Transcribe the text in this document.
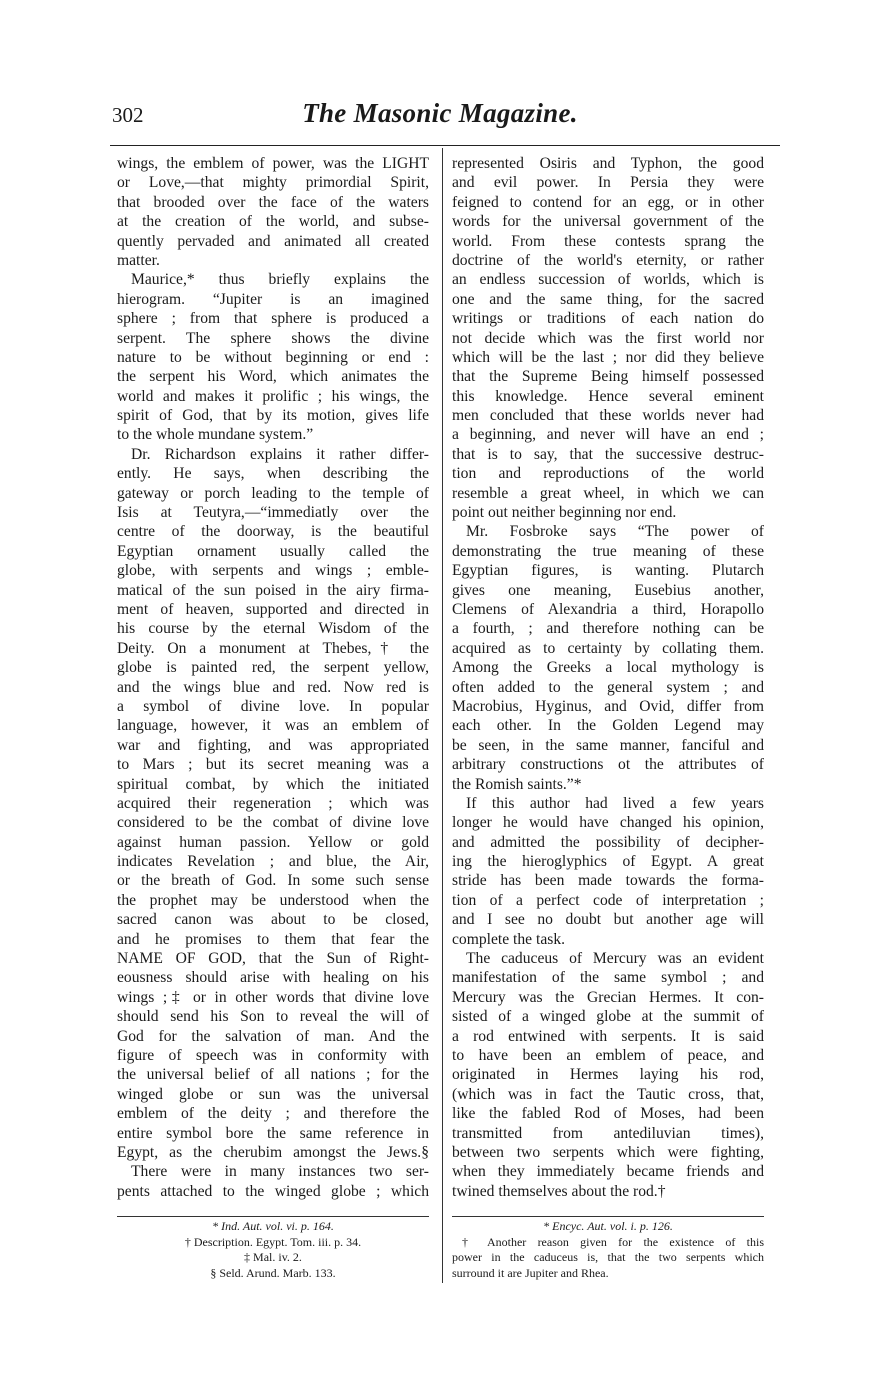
302	The Masonic Magazine.
wings, the emblem of power, was the LIGHT
or Love,—that mighty primordial Spirit,
that brooded over the face of the waters
at the creation of the world, and subse-
quently pervaded and animated all created
matter.
Maurice,* thus briefly explains the
hierogram. “Jupiter is an imagined
sphere ; from that sphere is produced a
serpent. The sphere shows the divine
nature to be without beginning or end :
the serpent his Word, which animates the
world and makes it prolific ; his wings, the
spirit of God, that by its motion, gives life
to the whole mundane system.”
Dr. Richardson explains it rather differ-
ently. He says, when describing the
gateway or porch leading to the temple of
Isis at Teutyra,—“immediatly over the
centre of the doorway, is the beautiful
Egyptian ornament usually called the
globe, with serpents and wings ; emble-
matical of the sun poised in the airy firma-
ment of heaven, supported and directed in
his course by the eternal Wisdom of the
Deity. On a monument at Thebes,† the
globe is painted red, the serpent yellow,
and the wings blue and red. Now red is
a symbol of divine love. In popular
language, however, it was an emblem of
war and fighting, and was appropriated
to Mars ; but its secret meaning was a
spiritual combat, by which the initiated
acquired their regeneration ; which was
considered to be the combat of divine love
against human passion. Yellow or gold
indicates Revelation ; and blue, the Air,
or the breath of God. In some such sense
the prophet may be understood when the
sacred canon was about to be closed,
and he promises to them that fear the
NAME OF GOD, that the Sun of Right-
eousness should arise with healing on his
wings ;‡ or in other words that divine love
should send his Son to reveal the will of
God for the salvation of man. And the
figure of speech was in conformity with
the universal belief of all nations ; for the
winged globe or sun was the universal
emblem of the deity ; and therefore the
entire symbol bore the same reference in
Egypt, as the cherubim amongst the Jews.§
There were in many instances two ser-
pents attached to the winged globe ; which
represented Osiris and Typhon, the good
and evil power. In Persia they were
feigned to contend for an egg, or in other
words for the universal government of the
world. From these contests sprang the
doctrine of the world's eternity, or rather
an endless succession of worlds, which is
one and the same thing, for the sacred
writings or traditions of each nation do
not decide which was the first world nor
which will be the last ; nor did they believe
that the Supreme Being himself possessed
this knowledge. Hence several eminent
men concluded that these worlds never had
a beginning, and never will have an end ;
that is to say, that the successive destruc-
tion and reproductions of the world
resemble a great wheel, in which we can
point out neither beginning nor end.
Mr. Fosbroke says “The power of
demonstrating the true meaning of these
Egyptian figures, is wanting. Plutarch
gives one meaning, Eusebius another,
Clemens of Alexandria a third, Horapollo
a fourth, ; and therefore nothing can be
acquired as to certainty by collating them.
Among the Greeks a local mythology is
often added to the general system ; and
Macrobius, Hyginus, and Ovid, differ from
each other. In the Golden Legend may
be seen, in the same manner, fanciful and
arbitrary constructions ot the attributes of
the Romish saints.”*
If this author had lived a few years
longer he would have changed his opinion,
and admitted the possibility of decipher-
ing the hieroglyphics of Egypt. A great
stride has been made towards the forma-
tion of a perfect code of interpretation ;
and I see no doubt but another age will
complete the task.
The caduceus of Mercury was an evident
manifestation of the same symbol ; and
Mercury was the Grecian Hermes. It con-
sisted of a winged globe at the summit of
a rod entwined with serpents. It is said
to have been an emblem of peace, and
originated in Hermes laying his rod,
(which was in fact the Tautic cross, that,
like the fabled Rod of Moses, had been
transmitted from antediluvian times),
between two serpents which were fighting,
when they immediately became friends and
twined themselves about the rod.†
* Ind. Aut. vol. vi. p. 164.
† Description. Egypt. Tom. iii. p. 34.
‡ Mal. iv. 2.
§ Seld. Arund. Marb. 133.
* Encyc. Aut. vol. i. p. 126.
† Another reason given for the existence of this
power in the caduceus is, that the two serpents which
surround it are Jupiter and Rhea.
